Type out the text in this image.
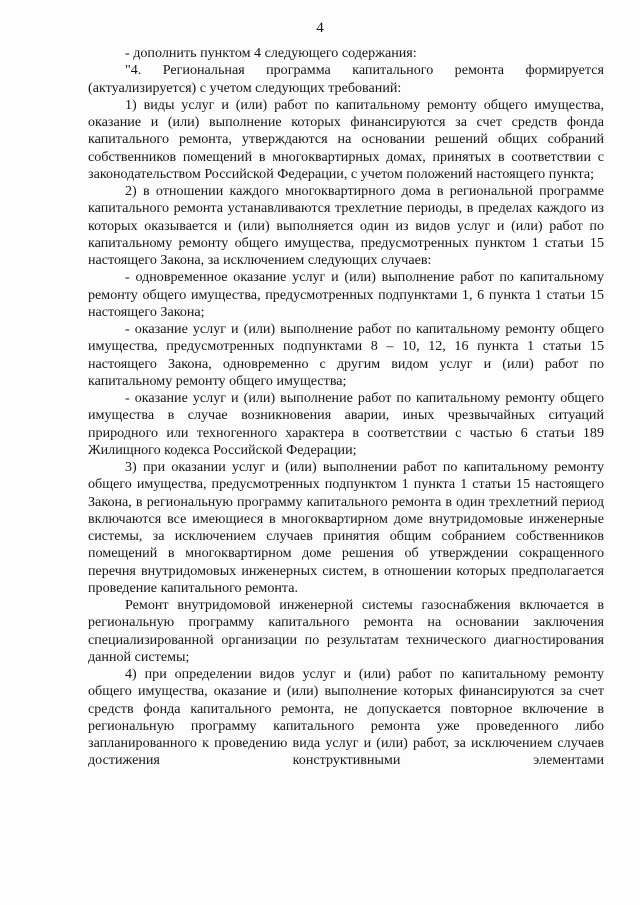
4

- дополнить пунктом 4 следующего содержания:

"4. Региональная программа капитального ремонта формируется (актуализируется) с учетом следующих требований:

1) виды услуг и (или) работ по капитальному ремонту общего имущества, оказание и (или) выполнение которых финансируются за счет средств фонда капитального ремонта, утверждаются на основании решений общих собраний собственников помещений в многоквартирных домах, принятых в соответствии с законодательством Российской Федерации, с учетом положений настоящего пункта;

2) в отношении каждого многоквартирного дома в региональной программе капитального ремонта устанавливаются трехлетние периоды, в пределах каждого из которых оказывается и (или) выполняется один из видов услуг и (или) работ по капитальному ремонту общего имущества, предусмотренных пунктом 1 статьи 15 настоящего Закона, за исключением следующих случаев:

- одновременное оказание услуг и (или) выполнение работ по капитальному ремонту общего имущества, предусмотренных подпунктами 1, 6 пункта 1 статьи 15 настоящего Закона;

- оказание услуг и (или) выполнение работ по капитальному ремонту общего имущества, предусмотренных подпунктами 8 – 10, 12, 16 пункта 1 статьи 15 настоящего Закона, одновременно с другим видом услуг и (или) работ по капитальному ремонту общего имущества;

- оказание услуг и (или) выполнение работ по капитальному ремонту общего имущества в случае возникновения аварии, иных чрезвычайных ситуаций природного или техногенного характера в соответствии с частью 6 статьи 189 Жилищного кодекса Российской Федерации;

3) при оказании услуг и (или) выполнении работ по капитальному ремонту общего имущества, предусмотренных подпунктом 1 пункта 1 статьи 15 настоящего Закона, в региональную программу капитального ремонта в один трехлетний период включаются все имеющиеся в многоквартирном доме внутридомовые инженерные системы, за исключением случаев принятия общим собранием собственников помещений в многоквартирном доме решения об утверждении сокращенного перечня внутридомовых инженерных систем, в отношении которых предполагается проведение капитального ремонта.

Ремонт внутридомовой инженерной системы газоснабжения включается в региональную программу капитального ремонта на основании заключения специализированной организации по результатам технического диагностирования данной системы;

4) при определении видов услуг и (или) работ по капитальному ремонту общего имущества, оказание и (или) выполнение которых финансируются за счет средств фонда капитального ремонта, не допускается повторное включение в региональную программу капитального ремонта уже проведенного либо запланированного к проведению вида услуг и (или) работ, за исключением случаев достижения конструктивными элементами
